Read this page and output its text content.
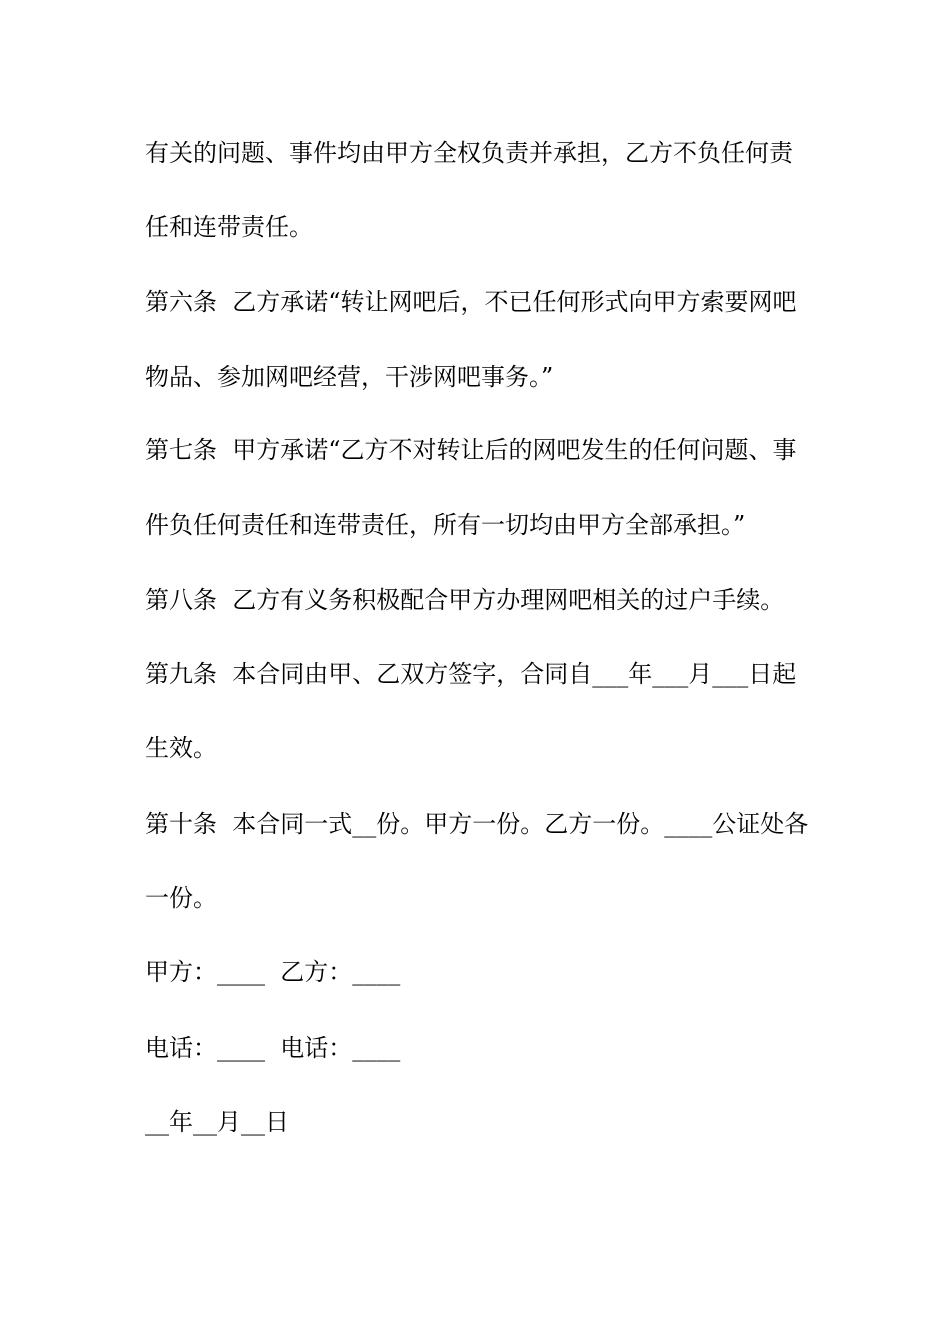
有关的问题、事件均由甲方全权负责并承担，乙方不负任何责
任和连带责任。
第六条  乙方承诺“转让网吧后，不已任何形式向甲方索要网吧
物品、参加网吧经营，干涉网吧事务。”
第七条  甲方承诺“乙方不对转让后的网吧发生的任何问题、事
件负任何责任和连带责任，所有一切均由甲方全部承担。”
第八条  乙方有义务积极配合甲方办理网吧相关的过户手续。
第九条  本合同由甲、乙双方签字，合同自___年___月___日起
生效。
第十条  本合同一式__份。甲方一份。乙方一份。____公证处各
一份。
甲方：____  乙方：____
电话：____  电话：____
__年__月__日
